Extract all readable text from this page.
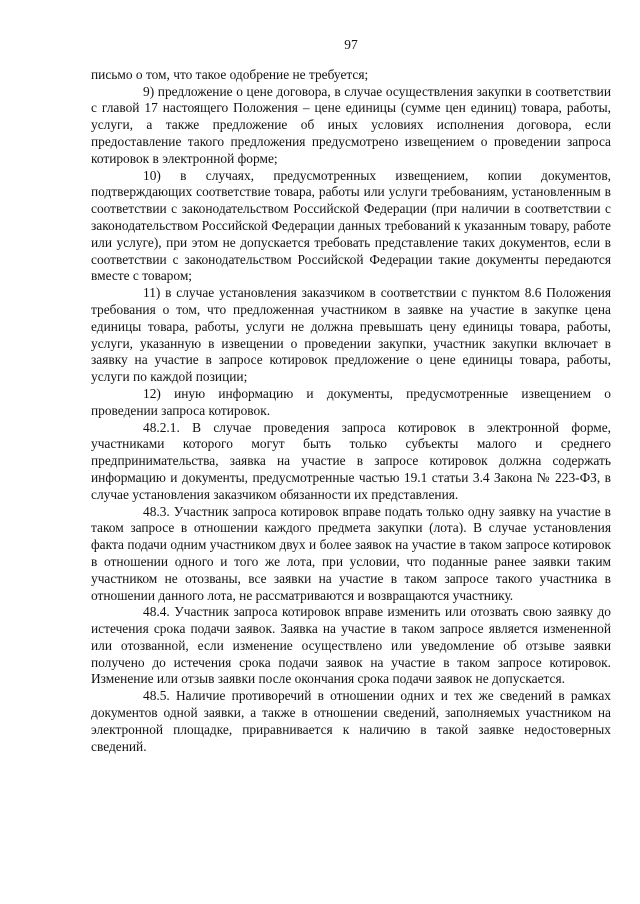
97

письмо о том, что такое одобрение не требуется;

9) предложение о цене договора, в случае осуществления закупки в соответствии с главой 17 настоящего Положения – цене единицы (сумме цен единиц) товара, работы, услуги, а также предложение об иных условиях исполнения договора, если предоставление такого предложения предусмотрено извещением о проведении запроса котировок в электронной форме;

10) в случаях, предусмотренных извещением, копии документов, подтверждающих соответствие товара, работы или услуги требованиям, установленным в соответствии с законодательством Российской Федерации (при наличии в соответствии с законодательством Российской Федерации данных требований к указанным товару, работе или услуге), при этом не допускается требовать представление таких документов, если в соответствии с законодательством Российской Федерации такие документы передаются вместе с товаром;

11) в случае установления заказчиком в соответствии с пунктом 8.6 Положения требования о том, что предложенная участником в заявке на участие в закупке цена единицы товара, работы, услуги не должна превышать цену единицы товара, работы, услуги, указанную в извещении о проведении закупки, участник закупки включает в заявку на участие в запросе котировок предложение о цене единицы товара, работы, услуги по каждой позиции;

12) иную информацию и документы, предусмотренные извещением о проведении запроса котировок.

48.2.1. В случае проведения запроса котировок в электронной форме, участниками которого могут быть только субъекты малого и среднего предпринимательства, заявка на участие в запросе котировок должна содержать информацию и документы, предусмотренные частью 19.1 статьи 3.4 Закона № 223-ФЗ, в случае установления заказчиком обязанности их представления.

48.3. Участник запроса котировок вправе подать только одну заявку на участие в таком запросе в отношении каждого предмета закупки (лота). В случае установления факта подачи одним участником двух и более заявок на участие в таком запросе котировок в отношении одного и того же лота, при условии, что поданные ранее заявки таким участником не отозваны, все заявки на участие в таком запросе такого участника в отношении данного лота, не рассматриваются и возвращаются участнику.

48.4. Участник запроса котировок вправе изменить или отозвать свою заявку до истечения срока подачи заявок. Заявка на участие в таком запросе является измененной или отозванной, если изменение осуществлено или уведомление об отзыве заявки получено до истечения срока подачи заявок на участие в таком запросе котировок. Изменение или отзыв заявки после окончания срока подачи заявок не допускается.

48.5. Наличие противоречий в отношении одних и тех же сведений в рамках документов одной заявки, а также в отношении сведений, заполняемых участником на электронной площадке, приравнивается к наличию в такой заявке недостоверных сведений.
